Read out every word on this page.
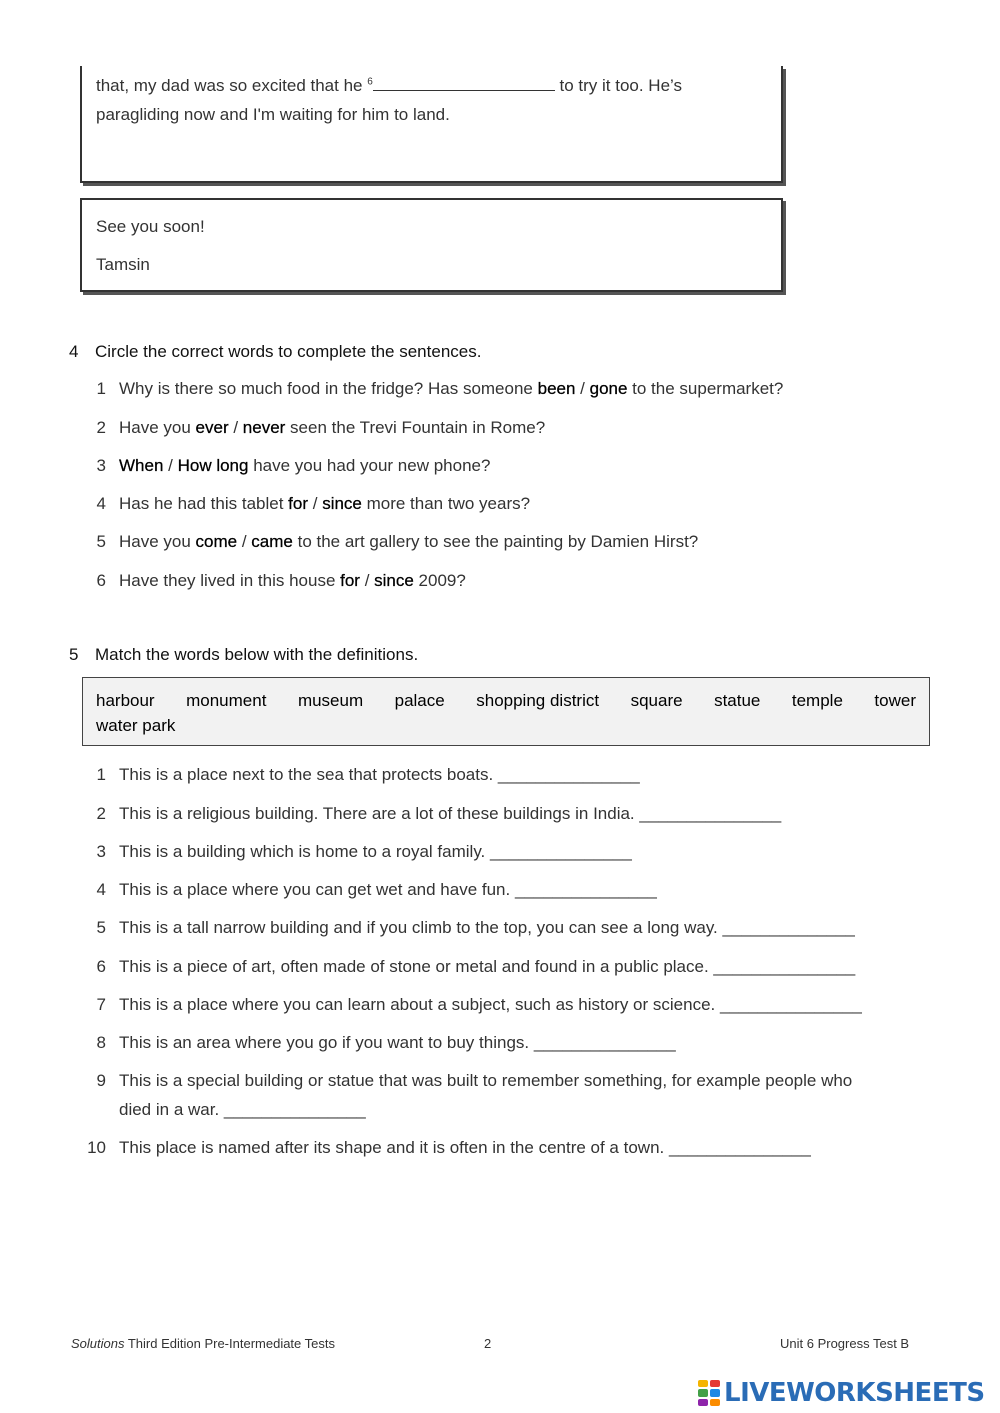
that, my dad was so excited that he $^6$	to try it too. He’s

paragliding now and I'm waiting for him to land.

See you soon!

Tamsin

4 Circle the correct words to complete the sentences.
1 Why is there so much food in the fridge? Has someone been / gone to the supermarket?
2 Have you ever / never seen the Trevi Fountain in Rome?
3 When / How long have you had your new phone?
4 Has he had this tablet for / since more than two years?
5 Have you come / came to the art gallery to see the painting by Damien Hirst?
6 Have they lived in this house for / since 2009?
5 Match the words below with the definitions.
harbour monument museum palace shopping district square statue temple tower
water park
1 This is a place next to the sea that protects boats. _______________
2 This is a religious building. There are a lot of these buildings in India. _______________
3 This is a building which is home to a royal family. _______________
4 This is a place where you can get wet and have fun. _______________
5 This is a tall narrow building and if you climb to the top, you can see a long way. ______________
6 This is a piece of art, often made of stone or metal and found in a public place. _______________
7 This is a place where you can learn about a subject, such as history or science. _______________
8 This is an area where you go if you want to buy things. _______________
9 This is a special building or statue that was built to remember something, for example people who
died in a war. _______________
10 This place is named after its shape and it is often in the centre of a town. _______________
Solutions Third Edition Pre-Intermediate Tests	2	Unit 6 Progress Test B
LIVEWORKSHEETS
